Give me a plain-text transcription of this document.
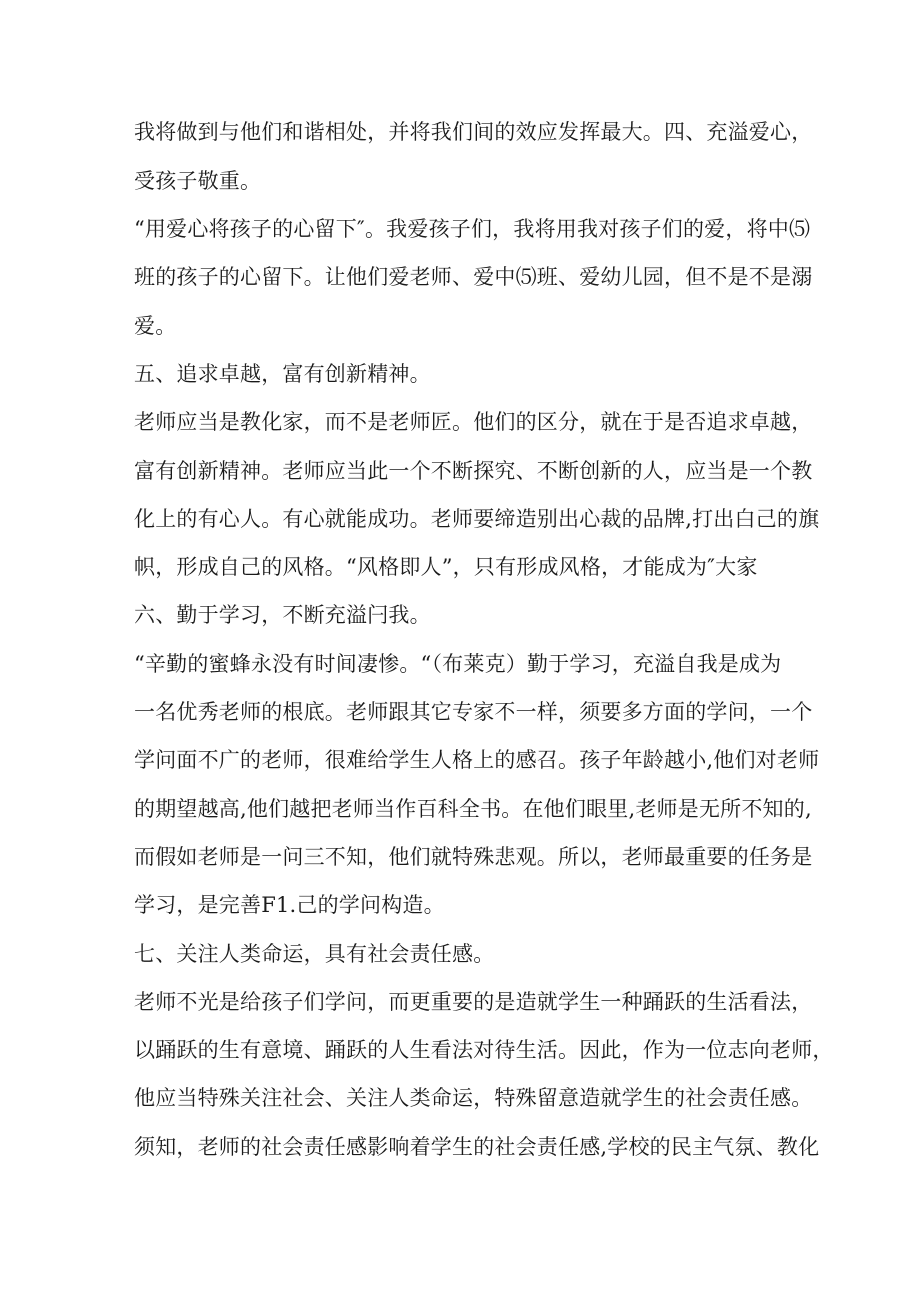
我将做到与他们和谐相处，并将我们间的效应发挥最大。四、充溢爱心，

受孩子敬重。

“用爱心将孩子的心留下″。我爱孩子们，我将用我对孩子们的爱，将中⑸

班的孩子的心留下。让他们爱老师、爱中⑸班、爱幼儿园，但不是不是溺

爱。

五、追求卓越，富有创新精神。

老师应当是教化家，而不是老师匠。他们的区分，就在于是否追求卓越，

富有创新精神。老师应当此一个不断探究、不断创新的人，应当是一个教

化上的有心人。有心就能成功。老师要缔造别出心裁的品牌,打出白己的旗

帜，形成自己的风格。“风格即人”，只有形成风格，才能成为″大家

六、勤于学习，不断充溢闩我。

“辛勤的蜜蜂永没有时间凄惨。“（布莱克）勤于学习，充溢自我是成为

一名优秀老师的根底。老师跟其它专家不一样，须要多方面的学问，一个

学问面不广的老师，很难给学生人格上的感召。孩子年龄越小,他们对老师

的期望越高,他们越把老师当作百科全书。在他们眼里,老师是无所不知的,

而假如老师是一问三不知，他们就特殊悲观。所以，老师最重要的任务是

学习，是完善F1.己的学问构造。

七、关注人类命运，具有社会责任感。

老师不光是给孩子们学问，而更重要的是造就学生一种踊跃的生活看法，

以踊跃的生有意境、踊跃的人生看法对待生活。因此，作为一位志向老师，

他应当特殊关注社会、关注人类命运，特殊留意造就学生的社会责任感。

须知，老师的社会责任感影响着学生的社会责任感,学校的民主气氛、教化
